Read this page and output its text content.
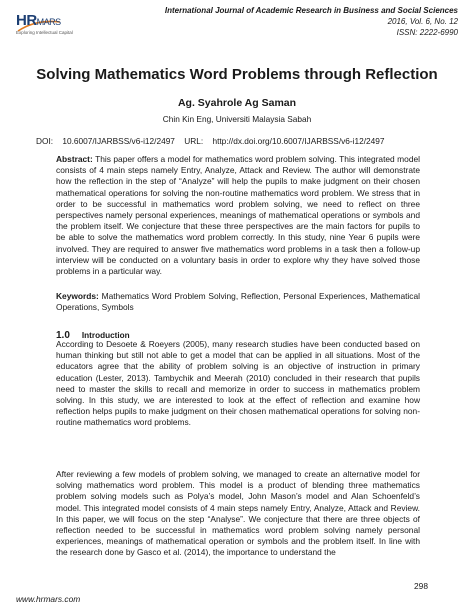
HRMARS
Exploring Intellectual Capital
International Journal of Academic Research in Business and Social Sciences
2016, Vol. 6, No. 12
ISSN: 2222-6990
Solving Mathematics Word Problems through Reflection
Ag. Syahrole Ag Saman
Chin Kin Eng, Universiti Malaysia Sabah
DOI: 10.6007/IJARBSS/v6-i12/2497 URL: http://dx.doi.org/10.6007/IJARBSS/v6-i12/2497
Abstract: This paper offers a model for mathematics word problem solving. This integrated model consists of 4 main steps namely Entry, Analyze, Attack and Review. The author will demonstrate how the reflection in the step of “Analyze” will help the pupils to make judgment on their chosen mathematical operations for solving the non-routine mathematics word problem. We stress that in order to be successful in mathematics word problem solving, we need to reflect on three perspectives namely personal experiences, meanings of mathematical operations or symbols and the problem itself. We conjecture that these three perspectives are the main factors for pupils to be able to solve the mathematics word problem correctly. In this study, nine Year 6 pupils were involved. They are required to answer five mathematics word problems in a task then a follow-up interview will be conducted on a voluntary basis in order to explore why they have solved those problems in a particular way.
Keywords: Mathematics Word Problem Solving, Reflection, Personal Experiences, Mathematical Operations, Symbols
1.0 Introduction
According to Desoete & Roeyers (2005), many research studies have been conducted based on human thinking but still not able to get a model that can be applied in all situations. Most of the educators agree that the ability of problem solving is an objective of instruction in primary education (Lester, 2013). Tambychik and Meerah (2010) concluded in their research that pupils need to master the skills to recall and memorize in order to success in mathematics problem solving. In this study, we are interested to look at the effect of reflection and examine how reflection helps pupils to make judgment on their chosen mathematical operations for solving non-routine mathematics word problems.
After reviewing a few models of problem solving, we managed to create an alternative model for solving mathematics word problem. This model is a product of blending three mathematics problem solving models such as Polya’s model, John Mason’s model and Alan Schoenfeld’s model. This integrated model consists of 4 main steps namely Entry, Analyze, Attack and Review. In this paper, we will focus on the step “Analyse”. We conjecture that there are three objects of reflection needed to be successful in mathematics word problem solving namely personal experiences, meanings of mathematical operation or symbols and the problem itself. In line with the research done by Gasco et al. (2014), the importance to understand the
298
www.hrmars.com
